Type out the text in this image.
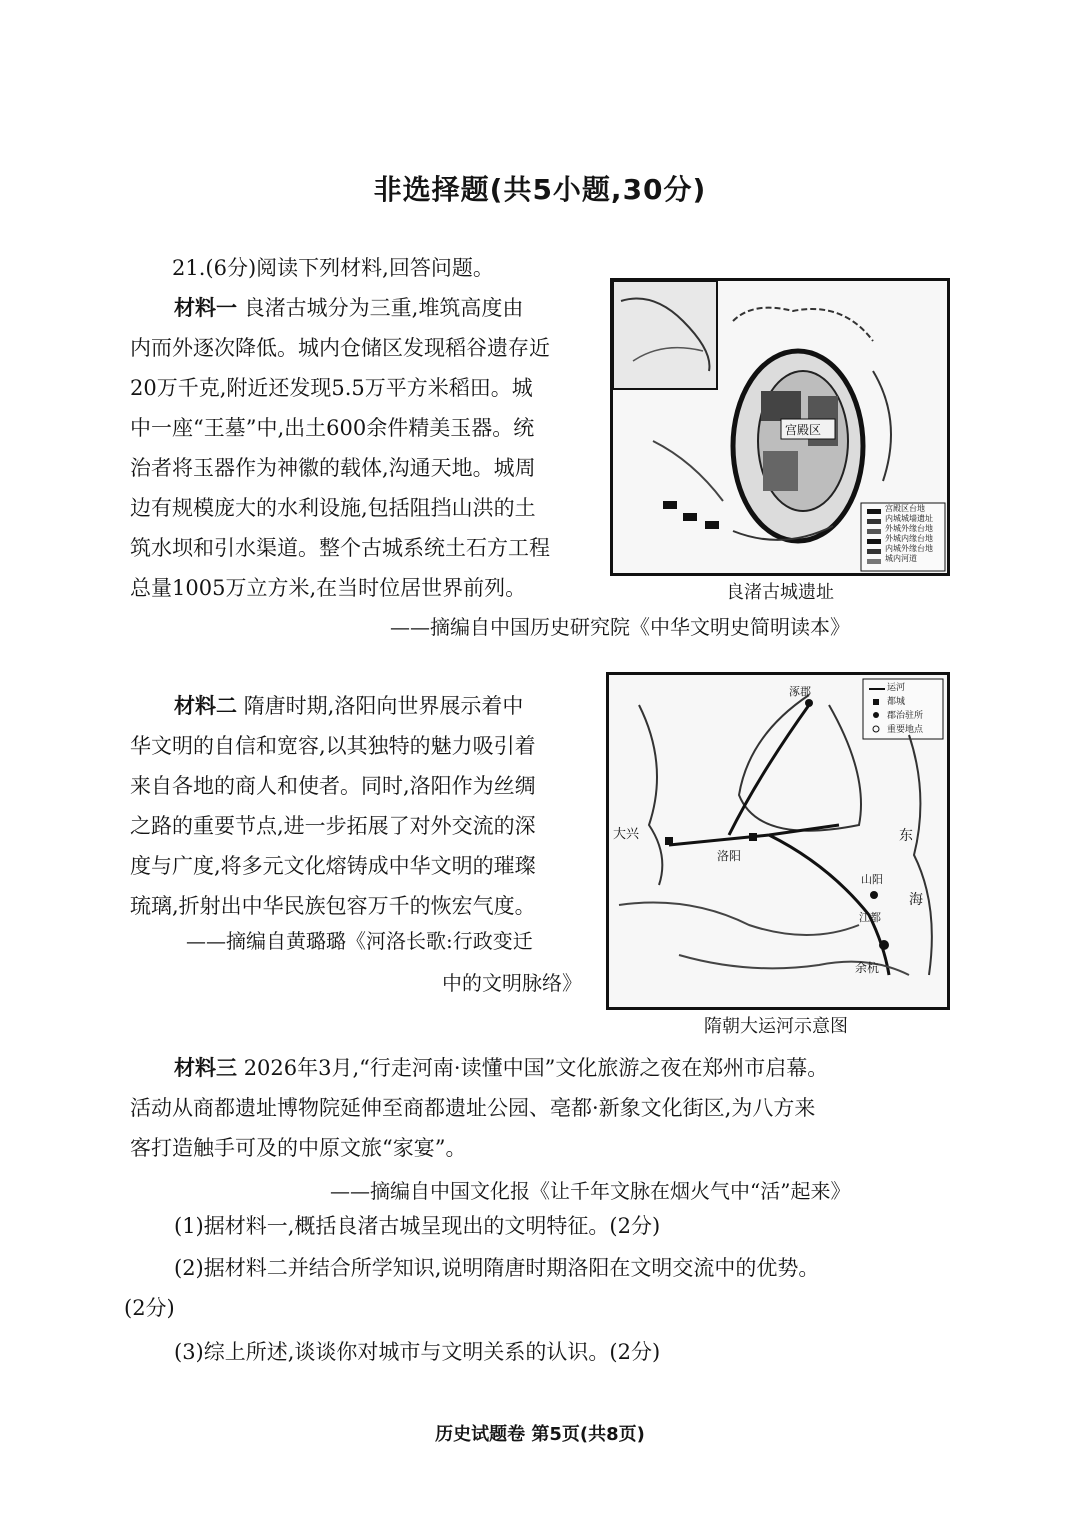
非选择题(共5小题,30分)
21.(6分)阅读下列材料,回答问题。
材料一 良渚古城分为三重,堆筑高度由
内而外逐次降低。城内仓储区发现稻谷遗存近
20万千克,附近还发现5.5万平方米稻田。城
中一座“王墓”中,出土600余件精美玉器。统
治者将玉器作为神徽的载体,沟通天地。城周
边有规模庞大的水利设施,包括阻挡山洪的土
筑水坝和引水渠道。整个古城系统土石方工程
总量1005万立方米,在当时位居世界前列。
宫殿区
宫殿区台地
内城城墙遗址
外城外缘台地
外城内缘台地
内城外缘台地
城内河道
良渚古城遗址
——摘编自中国历史研究院《中华文明史简明读本》
材料二 隋唐时期,洛阳向世界展示着中
华文明的自信和宽容,以其独特的魅力吸引着
来自各地的商人和使者。同时,洛阳作为丝绸
之路的重要节点,进一步拓展了对外交流的深
度与广度,将多元文化熔铸成中华文明的璀璨
琉璃,折射出中华民族包容万千的恢宏气度。
——摘编自黄璐璐《河洛长歌:行政变迁
中的文明脉络》
运河
都城
郡治驻所
重要地点
大兴
洛阳
余杭
山阳
江都
涿郡
东
海
隋朝大运河示意图
材料三 2026年3月,“行走河南·读懂中国”文化旅游之夜在郑州市启幕。
活动从商都遗址博物院延伸至商都遗址公园、亳都·新象文化街区,为八方来
客打造触手可及的中原文旅“家宴”。
——摘编自中国文化报《让千年文脉在烟火气中“活”起来》
(1)据材料一,概括良渚古城呈现出的文明特征。(2分)
(2)据材料二并结合所学知识,说明隋唐时期洛阳在文明交流中的优势。
(2分)
(3)综上所述,谈谈你对城市与文明关系的认识。(2分)
历史试题卷 第5页(共8页)
